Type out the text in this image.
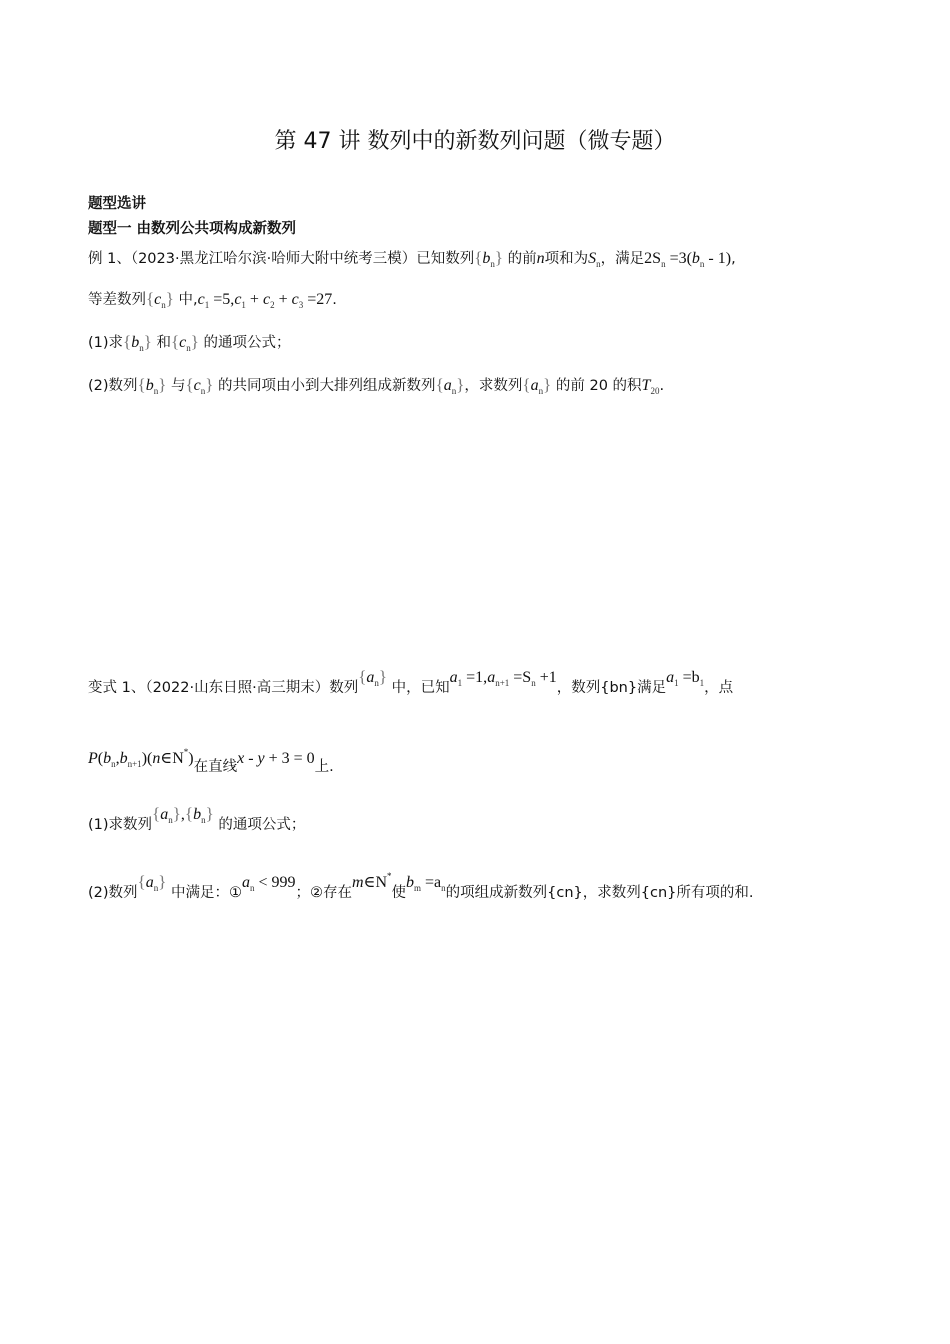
第 47 讲 数列中的新数列问题（微专题）
题型选讲
题型一 由数列公共项构成新数列
例 1、（2023·黑龙江哈尔滨·哈师大附中统考三模）已知数列$\{b_n\}$ 的前n项和为$S_n$，满足$2S_n =3(b_n - 1)$,
等差数列$\{c_n\}$ 中$,c_1 =5,c_1 + c_2 + c_3 =27$.
(1)求$\{b_n\}$ 和$\{c_n\}$ 的通项公式；
(2)数列$\{b_n\}$ 与$\{c_n\}$ 的共同项由小到大排列组成新数列$\{a_n\}$，求数列$\{a_n\}$ 的前 20 的积$T_{20}$.
变式 1、（2022·山东日照·高三期末）数列$\{a^n\}$ 中，已知$a^1 =1,a^{n+1} =S^n +1$，数列{bn}满足$a^1 =b^1$，点
$P(b_n,b_{n+1})(n\in N^*)$在直线x - y + 3 = 0上.
(1)求数列$\{a^n\},\{b^n\}$ 的通项公式；
(2)数列$\{a^n\}$ 中满足：$①a^n < 999$；②存在m∈N*使$b^m =a^n$的项组成新数列{cn}，求数列{cn}所有项的和.
